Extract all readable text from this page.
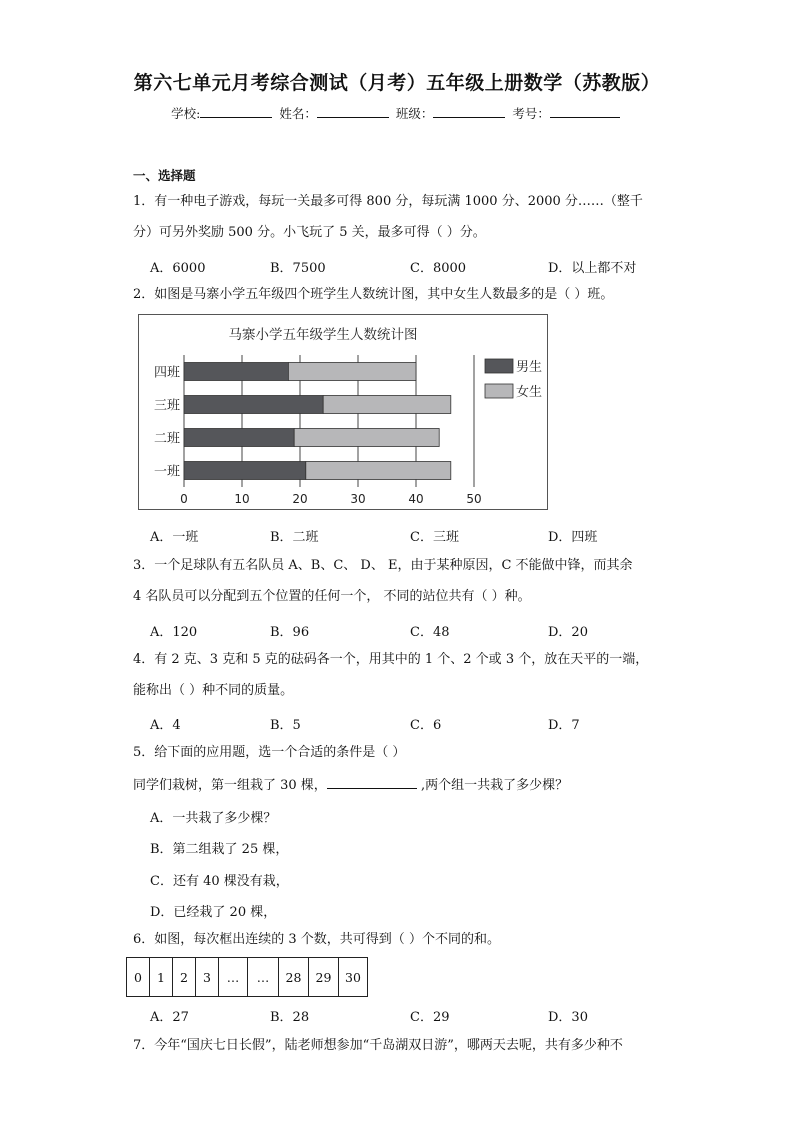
第六七单元月考综合测试（月考）五年级上册数学（苏教版）
学校:	姓名：	班级：	考号：
一、选择题
1．有一种电子游戏，每玩一关最多可得 800 分，每玩满 1000 分、2000 分……（整千
分）可另外奖励 500 分。小飞玩了 5 关，最多可得（ ）分。
A．6000	B．7500	C．8000	D．以上都不对
2．如图是马寨小学五年级四个班学生人数统计图，其中女生人数最多的是（ ）班。
马寨小学五年级学生人数统计图
0	10	20	30	40	50
四班
三班
二班
一班
男生
女生
A．一班	B．二班	C．三班	D．四班
3．一个足球队有五名队员 A、B、C、 D、 E，由于某种原因，C 不能做中锋，而其余
4 名队员可以分配到五个位置的任何一个， 不同的站位共有（ ）种。
A．120	B．96	C．48	D．20
4．有 2 克、3 克和 5 克的砝码各一个，用其中的 1 个、2 个或 3 个，放在天平的一端，
能称出（ ）种不同的质量。
A．4	B．5	C．6	D．7
5．给下面的应用题，选一个合适的条件是（ ）
同学们栽树，第一组栽了 30 棵，	,两个组一共栽了多少棵？
A．一共栽了多少棵？
B．第二组栽了 25 棵，
C．还有 40 棵没有栽，
D．已经栽了 20 棵，
6．如图，每次框出连续的 3 个数，共可得到（ ）个不同的和。
0	1	2	3	…	…	28	29	30
A．27	B．28	C．29	D．30
7．今年“国庆七日长假”，陆老师想参加“千岛湖双日游”，哪两天去呢，共有多少种不
